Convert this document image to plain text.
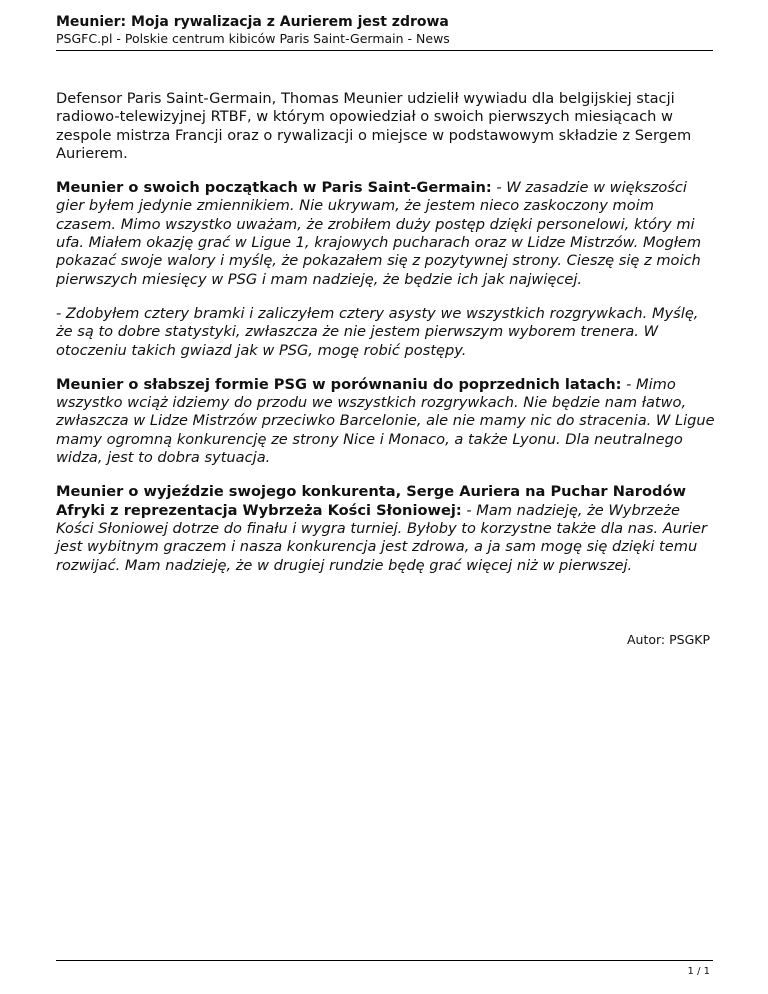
Meunier: Moja rywalizacja z Aurierem jest zdrowa
PSGFC.pl - Polskie centrum kibiców Paris Saint-Germain - News

Defensor Paris Saint-Germain, Thomas Meunier udzielił wywiadu dla belgijskiej stacji radiowo-telewizyjnej RTBF, w którym opowiedział o swoich pierwszych miesiącach w zespole mistrza Francji oraz o rywalizacji o miejsce w podstawowym składzie z Sergem Aurierem.

Meunier o swoich początkach w Paris Saint-Germain: - W zasadzie w większości gier byłem jedynie zmiennikiem. Nie ukrywam, że jestem nieco zaskoczony moim czasem. Mimo wszystko uważam, że zrobiłem duży postęp dzięki personelowi, który mi ufa. Miałem okazję grać w Ligue 1, krajowych pucharach oraz w Lidze Mistrzów. Mogłem pokazać swoje walory i myślę, że pokazałem się z pozytywnej strony. Cieszę się z moich pierwszych miesięcy w PSG i mam nadzieję, że będzie ich jak najwięcej.

- Zdobyłem cztery bramki i zaliczyłem cztery asysty we wszystkich rozgrywkach. Myślę, że są to dobre statystyki, zwłaszcza że nie jestem pierwszym wyborem trenera. W otoczeniu takich gwiazd jak w PSG, mogę robić postępy.

Meunier o słabszej formie PSG w porównaniu do poprzednich latach: - Mimo wszystko wciąż idziemy do przodu we wszystkich rozgrywkach. Nie będzie nam łatwo, zwłaszcza w Lidze Mistrzów przeciwko Barcelonie, ale nie mamy nic do stracenia. W Ligue mamy ogromną konkurencję ze strony Nice i Monaco, a także Lyonu. Dla neutralnego widza, jest to dobra sytuacja.

Meunier o wyjeździe swojego konkurenta, Serge Auriera na Puchar Narodów Afryki z reprezentacja Wybrzeża Kości Słoniowej: - Mam nadzieję, że Wybrzeże Kości Słoniowej dotrze do finału i wygra turniej. Byłoby to korzystne także dla nas. Aurier jest wybitnym graczem i nasza konkurencja jest zdrowa, a ja sam mogę się dzięki temu rozwijać. Mam nadzieję, że w drugiej rundzie będę grać więcej niż w pierwszej.

Autor: PSGKP
1 / 1
